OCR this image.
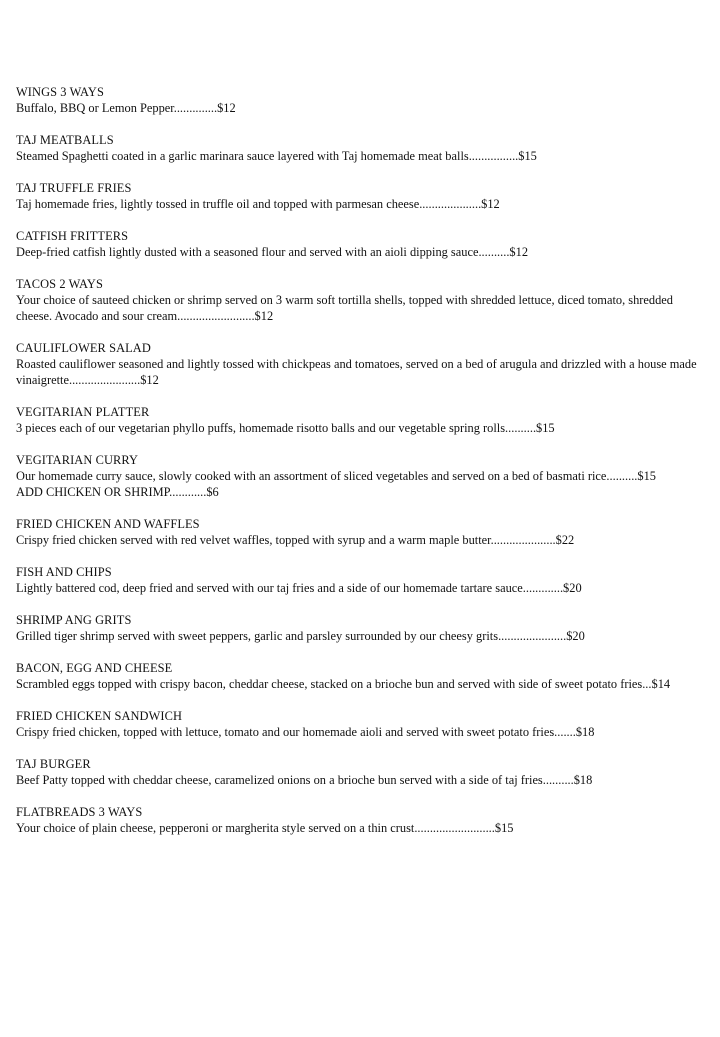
WINGS 3 WAYS
Buffalo, BBQ or Lemon Pepper..............$12
TAJ MEATBALLS
Steamed Spaghetti coated in a garlic marinara sauce layered with Taj homemade meat balls................$15
TAJ TRUFFLE FRIES
Taj homemade fries, lightly tossed in truffle oil and topped with parmesan cheese....................$12
CATFISH FRITTERS
Deep-fried catfish lightly dusted with a seasoned flour and served with an aioli dipping sauce..........$12
TACOS 2 WAYS
Your choice of sauteed chicken or shrimp served on 3 warm soft tortilla shells, topped with shredded lettuce, diced tomato, shredded cheese. Avocado and sour cream.........................$12
CAULIFLOWER SALAD
Roasted cauliflower seasoned and lightly tossed with chickpeas and tomatoes, served on a bed of arugula and drizzled with a house made vinaigrette.......................$12
VEGITARIAN PLATTER
3 pieces each of our vegetarian phyllo puffs, homemade risotto balls and our vegetable spring rolls..........$15
VEGITARIAN CURRY
Our homemade curry sauce, slowly cooked with an assortment of sliced vegetables and served on a bed of basmati rice..........$15
ADD CHICKEN OR SHRIMP............$6
FRIED CHICKEN AND WAFFLES
Crispy fried chicken served with red velvet waffles, topped with syrup and a warm maple butter.....................$22
FISH AND CHIPS
Lightly battered cod, deep fried and served with our taj fries and a side of our homemade tartare sauce.............$20
SHRIMP ANG GRITS
Grilled tiger shrimp served with sweet peppers, garlic and parsley surrounded by our cheesy grits......................$20
BACON, EGG AND CHEESE
Scrambled eggs topped with crispy bacon, cheddar cheese, stacked on a brioche bun and served with side of sweet potato fries...$14
FRIED CHICKEN SANDWICH
Crispy fried chicken, topped with lettuce, tomato and our homemade aioli and served with sweet potato fries.......$18
TAJ BURGER
Beef Patty topped with cheddar cheese, caramelized onions on a brioche bun served with a side of taj fries..........$18
FLATBREADS 3 WAYS
Your choice of plain cheese, pepperoni or margherita style served on a thin crust..........................$15
